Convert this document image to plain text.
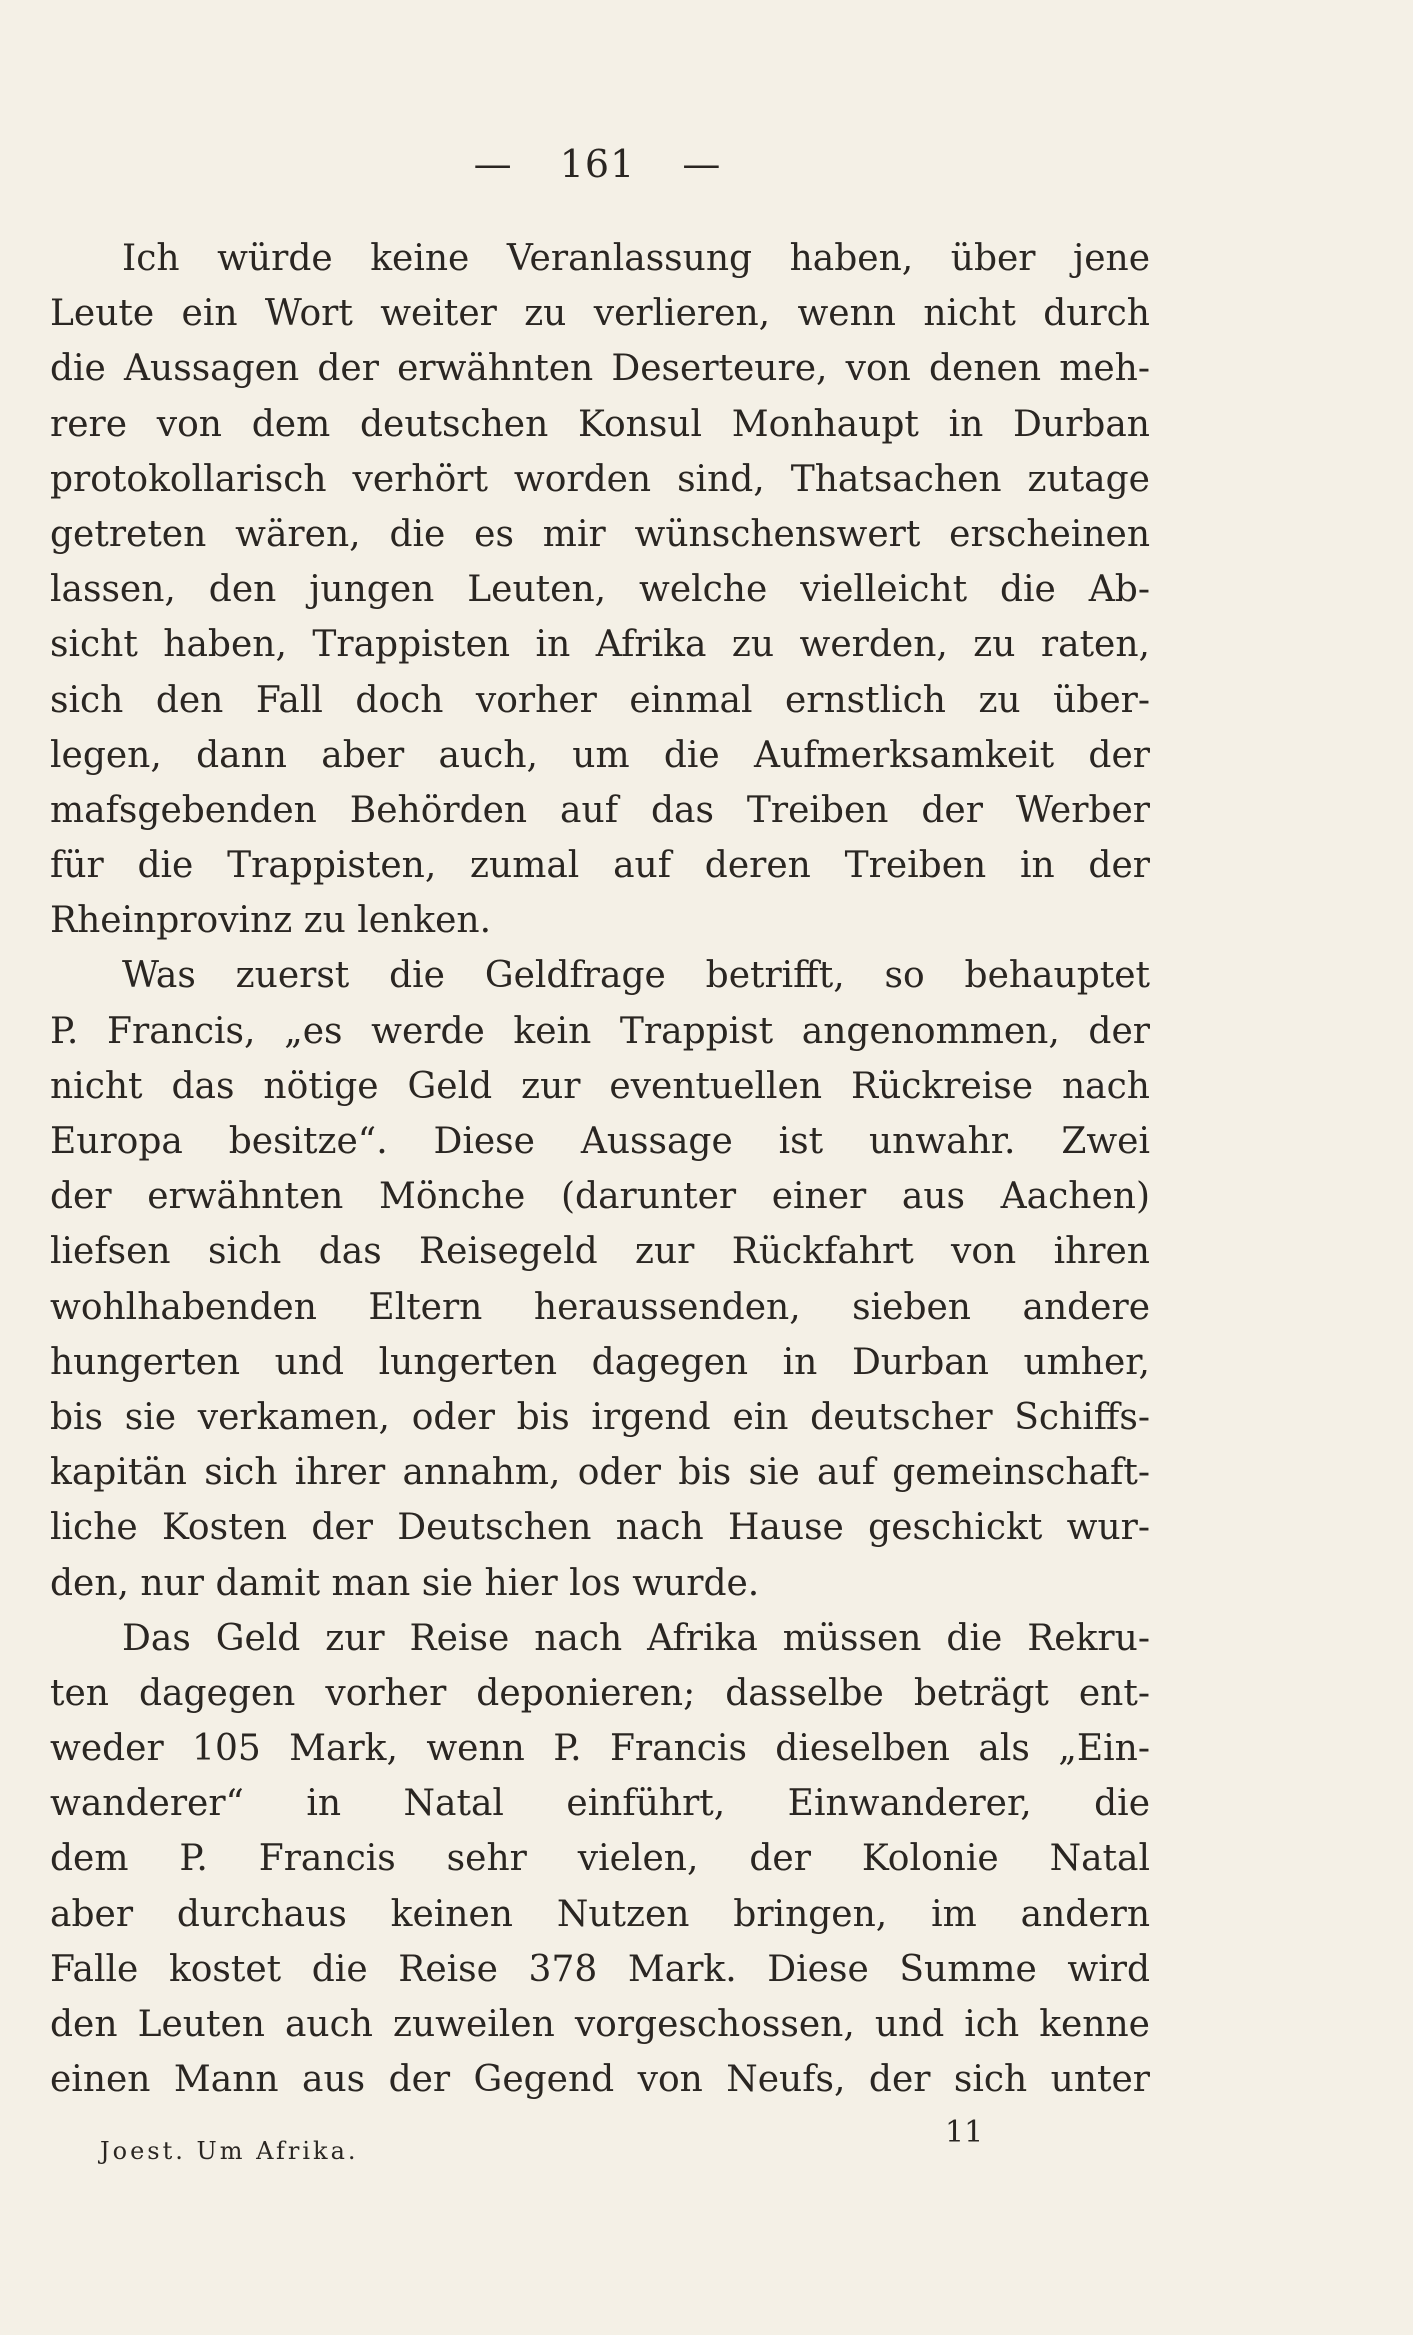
— 161 —
Ich würde keine Veranlassung haben, über jene
Leute ein Wort weiter zu verlieren, wenn nicht durch
die Aussagen der erwähnten Deserteure, von denen meh-
rere von dem deutschen Konsul Monhaupt in Durban
protokollarisch verhört worden sind, Thatsachen zutage
getreten wären, die es mir wünschenswert erscheinen
lassen, den jungen Leuten, welche vielleicht die Ab-
sicht haben, Trappisten in Afrika zu werden, zu raten,
sich den Fall doch vorher einmal ernstlich zu über-
legen, dann aber auch, um die Aufmerksamkeit der
mafsgebenden Behörden auf das Treiben der Werber
für die Trappisten, zumal auf deren Treiben in der
Rheinprovinz zu lenken.
Was zuerst die Geldfrage betrifft, so behauptet
P. Francis, „es werde kein Trappist angenommen, der
nicht das nötige Geld zur eventuellen Rückreise nach
Europa besitze“. Diese Aussage ist unwahr. Zwei
der erwähnten Mönche (darunter einer aus Aachen)
liefsen sich das Reisegeld zur Rückfahrt von ihren
wohlhabenden Eltern heraussenden, sieben andere
hungerten und lungerten dagegen in Durban umher,
bis sie verkamen, oder bis irgend ein deutscher Schiffs-
kapitän sich ihrer annahm, oder bis sie auf gemeinschaft-
liche Kosten der Deutschen nach Hause geschickt wur-
den, nur damit man sie hier los wurde.
Das Geld zur Reise nach Afrika müssen die Rekru-
ten dagegen vorher deponieren; dasselbe beträgt ent-
weder 105 Mark, wenn P. Francis dieselben als „Ein-
wanderer“ in Natal einführt, Einwanderer, die
dem P. Francis sehr vielen, der Kolonie Natal
aber durchaus keinen Nutzen bringen, im andern
Falle kostet die Reise 378 Mark. Diese Summe wird
den Leuten auch zuweilen vorgeschossen, und ich kenne
einen Mann aus der Gegend von Neufs, der sich unter
Joest. Um Afrika.
11
